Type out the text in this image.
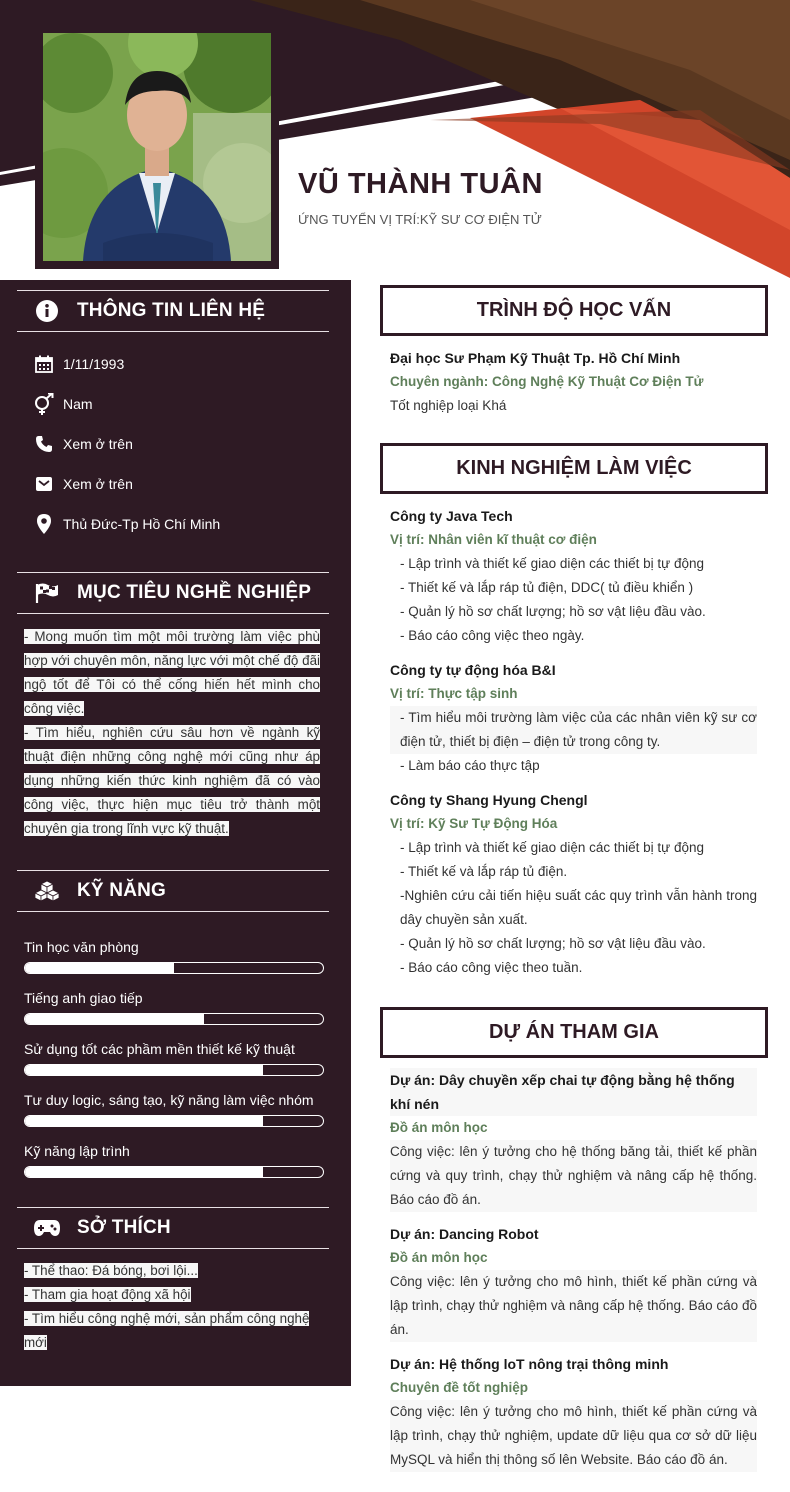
VŨ THÀNH TUÂN
ỨNG TUYỂN VỊ TRÍ:KỸ SƯ CƠ ĐIỆN TỬ
THÔNG TIN LIÊN HỆ
1/11/1993
Nam
Xem ở trên
Xem ở trên
Thủ Đức-Tp Hồ Chí Minh
MỤC TIÊU NGHỀ NGHIỆP

- Mong muốn tìm một môi trường làm việc phù hợp với chuyên môn, năng lực với một chế độ đãi ngộ tốt để Tôi có thể cống hiến hết mình cho công việc.

- Tìm hiểu, nghiên cứu sâu hơn về ngành kỹ thuật điện những công nghệ mới cũng như áp dụng những kiến thức kinh nghiệm đã có vào công việc, thực hiện mục tiêu trở thành một chuyên gia trong lĩnh vực kỹ thuật.

KỸ NĂNG
Tin học văn phòng
Tiếng anh giao tiếp
Sử dụng tốt các phầm mền thiết kế kỹ thuật
Tư duy logic, sáng tạo, kỹ năng làm việc nhóm
Kỹ năng lập trình
SỞ THÍCH
- Thể thao: Đá bóng, bơi lội...
- Tham gia hoạt động xã hội
- Tìm hiểu công nghệ mới, sản phẩm công nghệ mới
TRÌNH ĐỘ HỌC VẤN
Đại học Sư Phạm Kỹ Thuật Tp. Hồ Chí Minh
Chuyên ngành: Công Nghệ Kỹ Thuật Cơ Điện Tử
Tốt nghiệp loại Khá
KINH NGHIỆM LÀM VIỆC
Công ty Java Tech
Vị trí: Nhân viên kĩ thuật cơ điện
- Lập trình và thiết kế giao diện các thiết bị tự động
- Thiết kế và lắp ráp tủ điện, DDC( tủ điều khiển )
- Quản lý hồ sơ chất lượng; hồ sơ vật liệu đầu vào.
- Báo cáo công việc theo ngày.
Công ty tự động hóa B&I
Vị trí: Thực tập sinh
- Tìm hiểu môi trường làm việc của các nhân viên kỹ sư cơ điện tử, thiết bị điện – điện tử trong công ty.
- Làm báo cáo thực tập
Công ty Shang Hyung Chengl
Vị trí: Kỹ Sư Tự Động Hóa
- Lập trình và thiết kế giao diện các thiết bị tự động
- Thiết kế và lắp ráp tủ điện.
-Nghiên cứu cải tiến hiệu suất các quy trình vẫn hành trong dây chuyền sản xuất.
- Quản lý hồ sơ chất lượng; hồ sơ vật liệu đầu vào.
- Báo cáo công việc theo tuần.
DỰ ÁN THAM GIA
Dự án: Dây chuyền xếp chai tự động bằng hệ thống khí nén
Đồ án môn học
Công việc: lên ý tưởng cho hệ thống băng tải, thiết kế phần cứng và quy trình, chạy thử nghiệm và nâng cấp hệ thống. Báo cáo đồ án.
Dự án: Dancing Robot
Đồ án môn học
Công việc: lên ý tưởng cho mô hình, thiết kế phần cứng và lập trình, chạy thử nghiệm và nâng cấp hệ thống. Báo cáo đồ án.
Dự án: Hệ thống loT nông trại thông minh
Chuyên đề tốt nghiệp
Công việc: lên ý tưởng cho mô hình, thiết kế phần cứng và lập trình, chạy thử nghiệm, update dữ liệu qua cơ sở dữ liệu MySQL và hiển thị thông số lên Website. Báo cáo đồ án.
